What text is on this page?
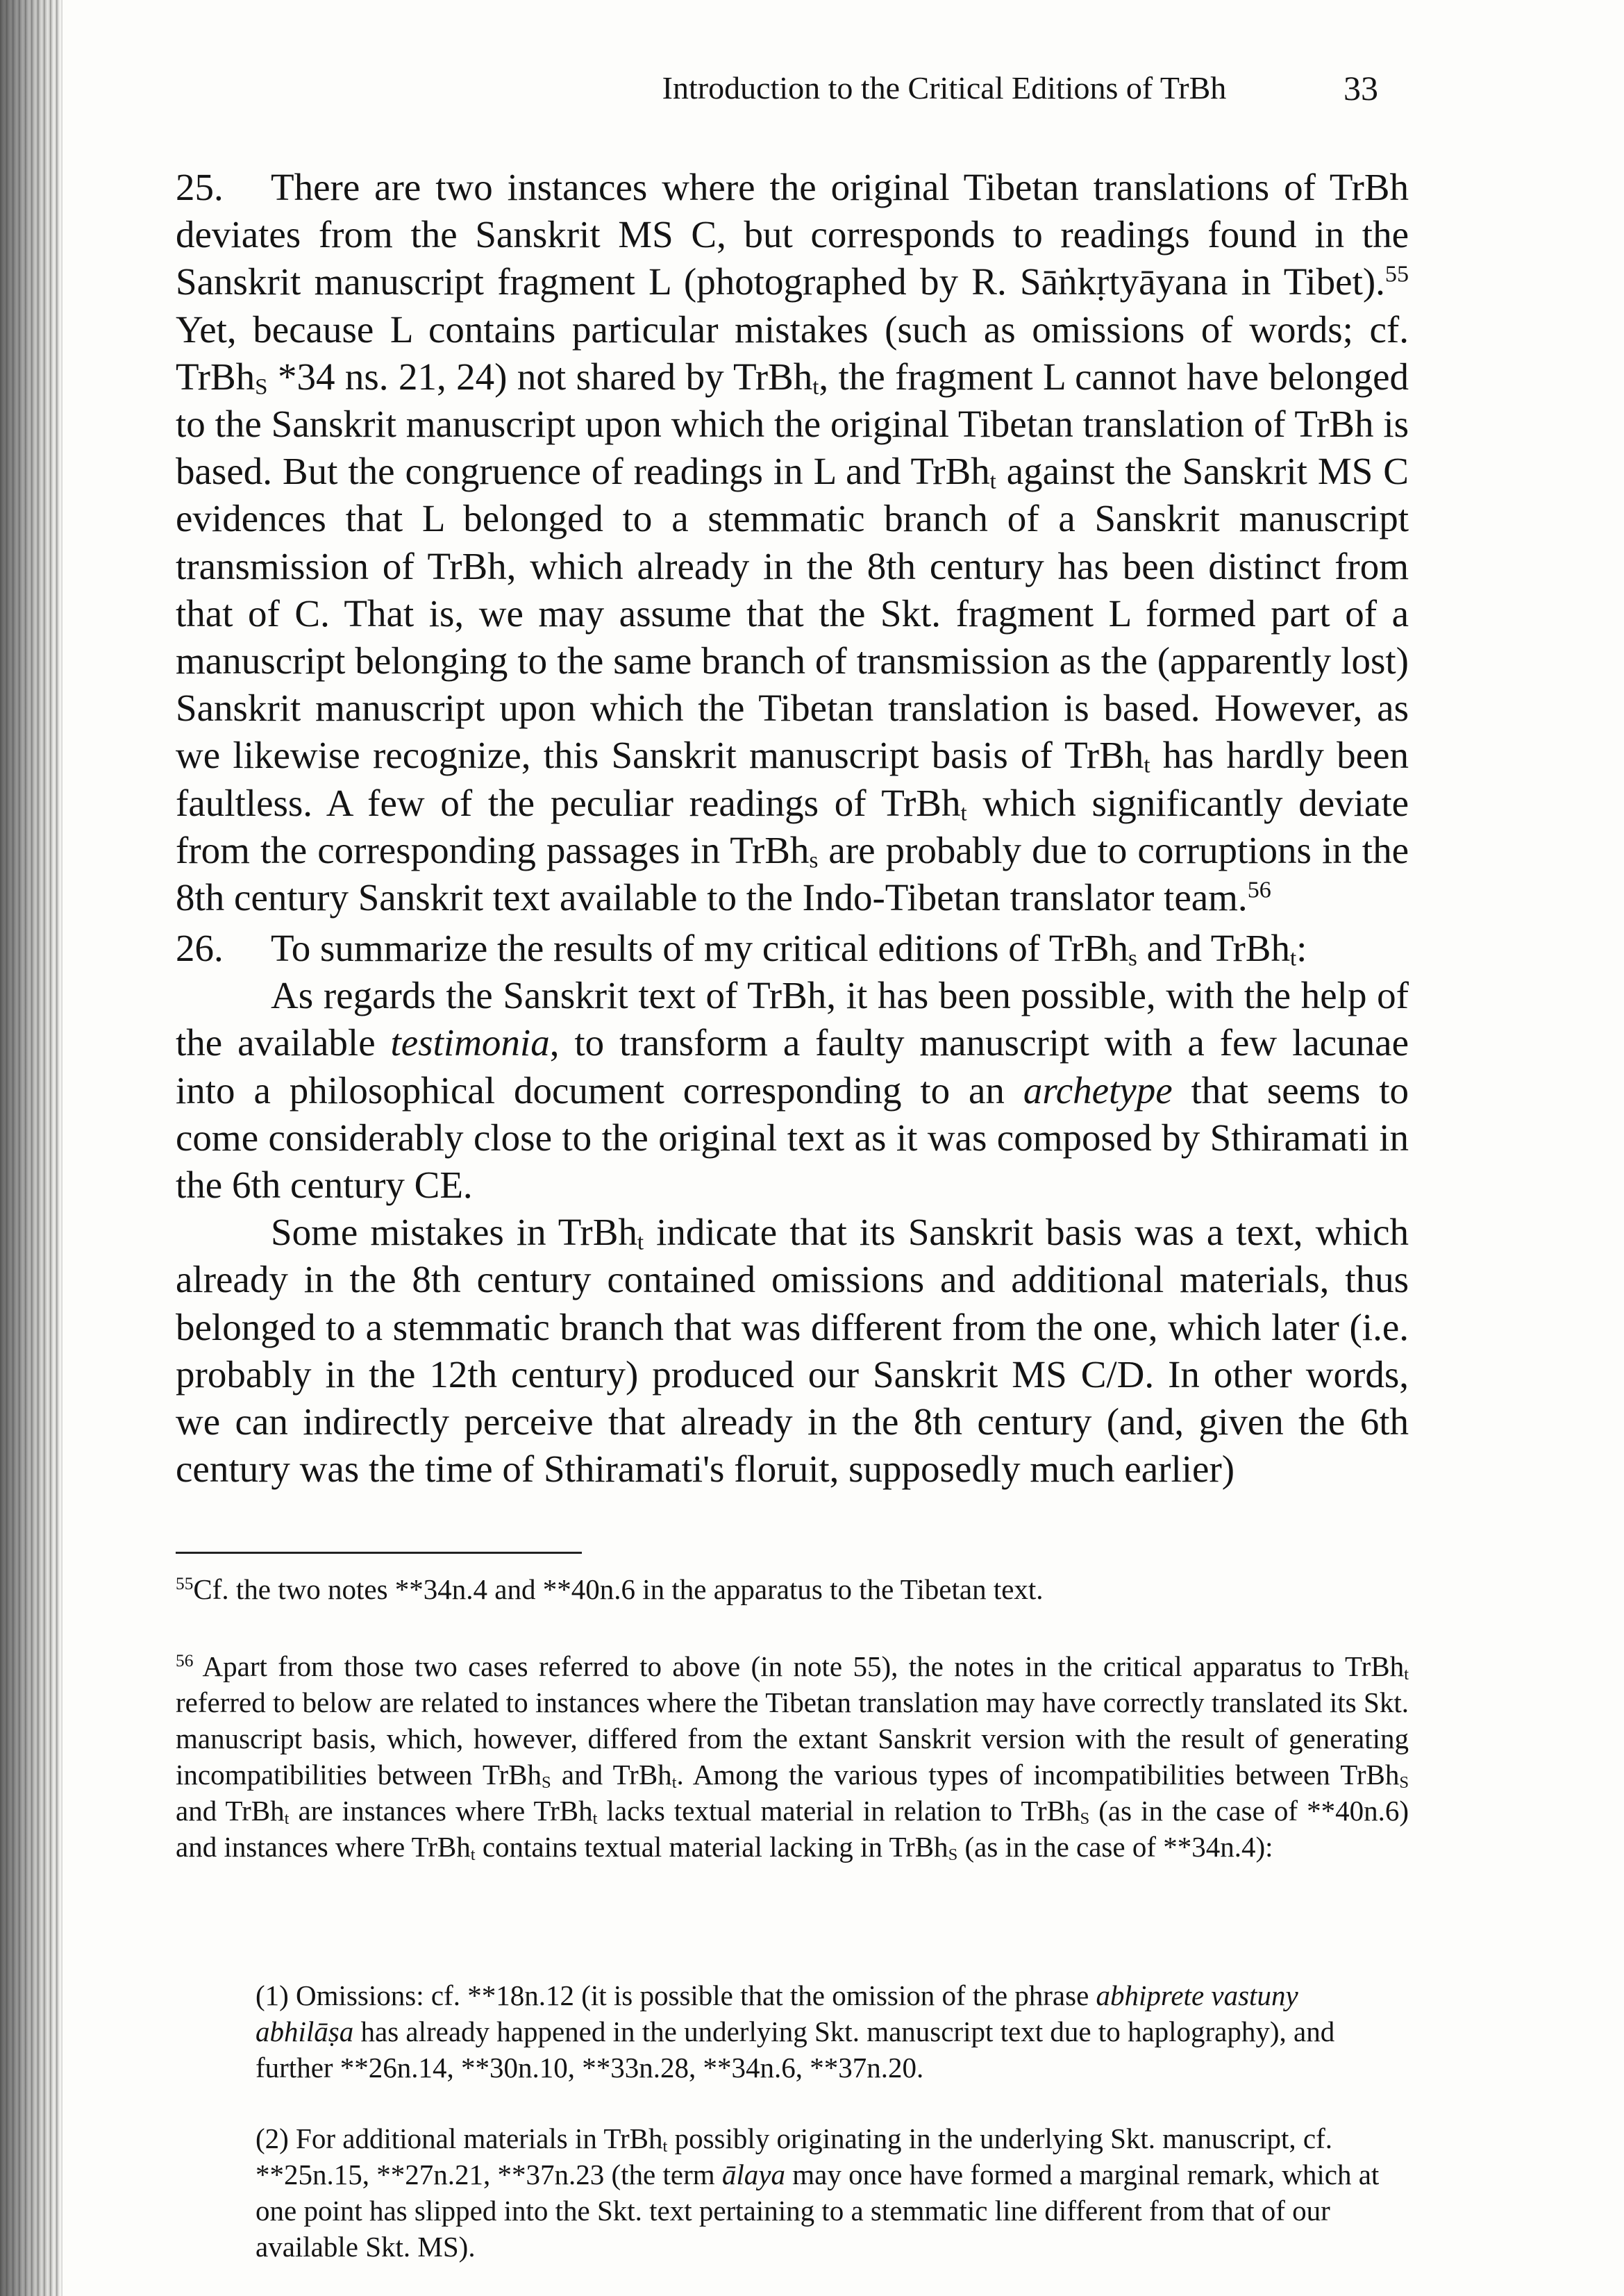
Introduction to the Critical Editions of TrBh	33
25. There are two instances where the original Tibetan translations of TrBh deviates from the Sanskrit MS C, but corresponds to readings found in the Sanskrit manuscript fragment L (photographed by R. Sāṅkṛtyāyana in Tibet).$^{55}$ Yet, because L contains particular mistakes (such as omissions of words; cf. TrBh$_S$ *34 ns. 21, 24) not shared by TrBh$_t$, the fragment L cannot have belonged to the Sanskrit manuscript upon which the original Tibetan translation of TrBh is based. But the congruence of readings in L and TrBh$_t$ against the Sanskrit MS C evidences that L belonged to a stemmatic branch of a Sanskrit manuscript transmission of TrBh, which already in the 8th century has been distinct from that of C. That is, we may assume that the Skt. fragment L formed part of a manuscript belonging to the same branch of transmission as the (apparently lost) Sanskrit manuscript upon which the Tibetan translation is based. However, as we likewise recognize, this Sanskrit manuscript basis of TrBh$_t$ has hardly been faultless. A few of the peculiar readings of TrBh$_t$ which significantly deviate from the corresponding passages in TrBh$_s$ are probably due to corruptions in the 8th century Sanskrit text available to the Indo-Tibetan translator team.$^{56}$
26. To summarize the results of my critical editions of TrBh$_s$ and TrBh$_t$:
As regards the Sanskrit text of TrBh, it has been possible, with the help of the available testimonia, to transform a faulty manuscript with a few lacunae into a philosophical document corresponding to an archetype that seems to come considerably close to the original text as it was composed by Sthiramati in the 6th century CE.
Some mistakes in TrBh$_t$ indicate that its Sanskrit basis was a text, which already in the 8th century contained omissions and additional materials, thus belonged to a stemmatic branch that was different from the one, which later (i.e. probably in the 12th century) produced our Sanskrit MS C/D. In other words, we can indirectly perceive that already in the 8th century (and, given the 6th century was the time of Sthiramati's floruit, supposedly much earlier)
$^{55}$Cf. the two notes **34n.4 and **40n.6 in the apparatus to the Tibetan text.
$^{56}$ Apart from those two cases referred to above (in note 55), the notes in the critical apparatus to TrBh$_t$ referred to below are related to instances where the Tibetan translation may have correctly translated its Skt. manuscript basis, which, however, differed from the extant Sanskrit version with the result of generating incompatibilities between TrBh$_S$ and TrBh$_t$. Among the various types of incompatibilities between TrBh$_S$ and TrBh$_t$ are instances where TrBh$_t$ lacks textual material in relation to TrBh$_S$ (as in the case of **40n.6) and instances where TrBh$_t$ contains textual material lacking in TrBh$_S$ (as in the case of **34n.4):
(1) Omissions: cf. **18n.12 (it is possible that the omission of the phrase abhiprete vastuny abhilāṣa has already happened in the underlying Skt. manuscript text due to haplography), and further **26n.14, **30n.10, **33n.28, **34n.6, **37n.20.
(2) For additional materials in TrBh$_t$ possibly originating in the underlying Skt. manuscript, cf. **25n.15, **27n.21, **37n.23 (the term ālaya may once have formed a marginal remark, which at one point has slipped into the Skt. text pertaining to a stemmatic line different from that of our available Skt. MS).
